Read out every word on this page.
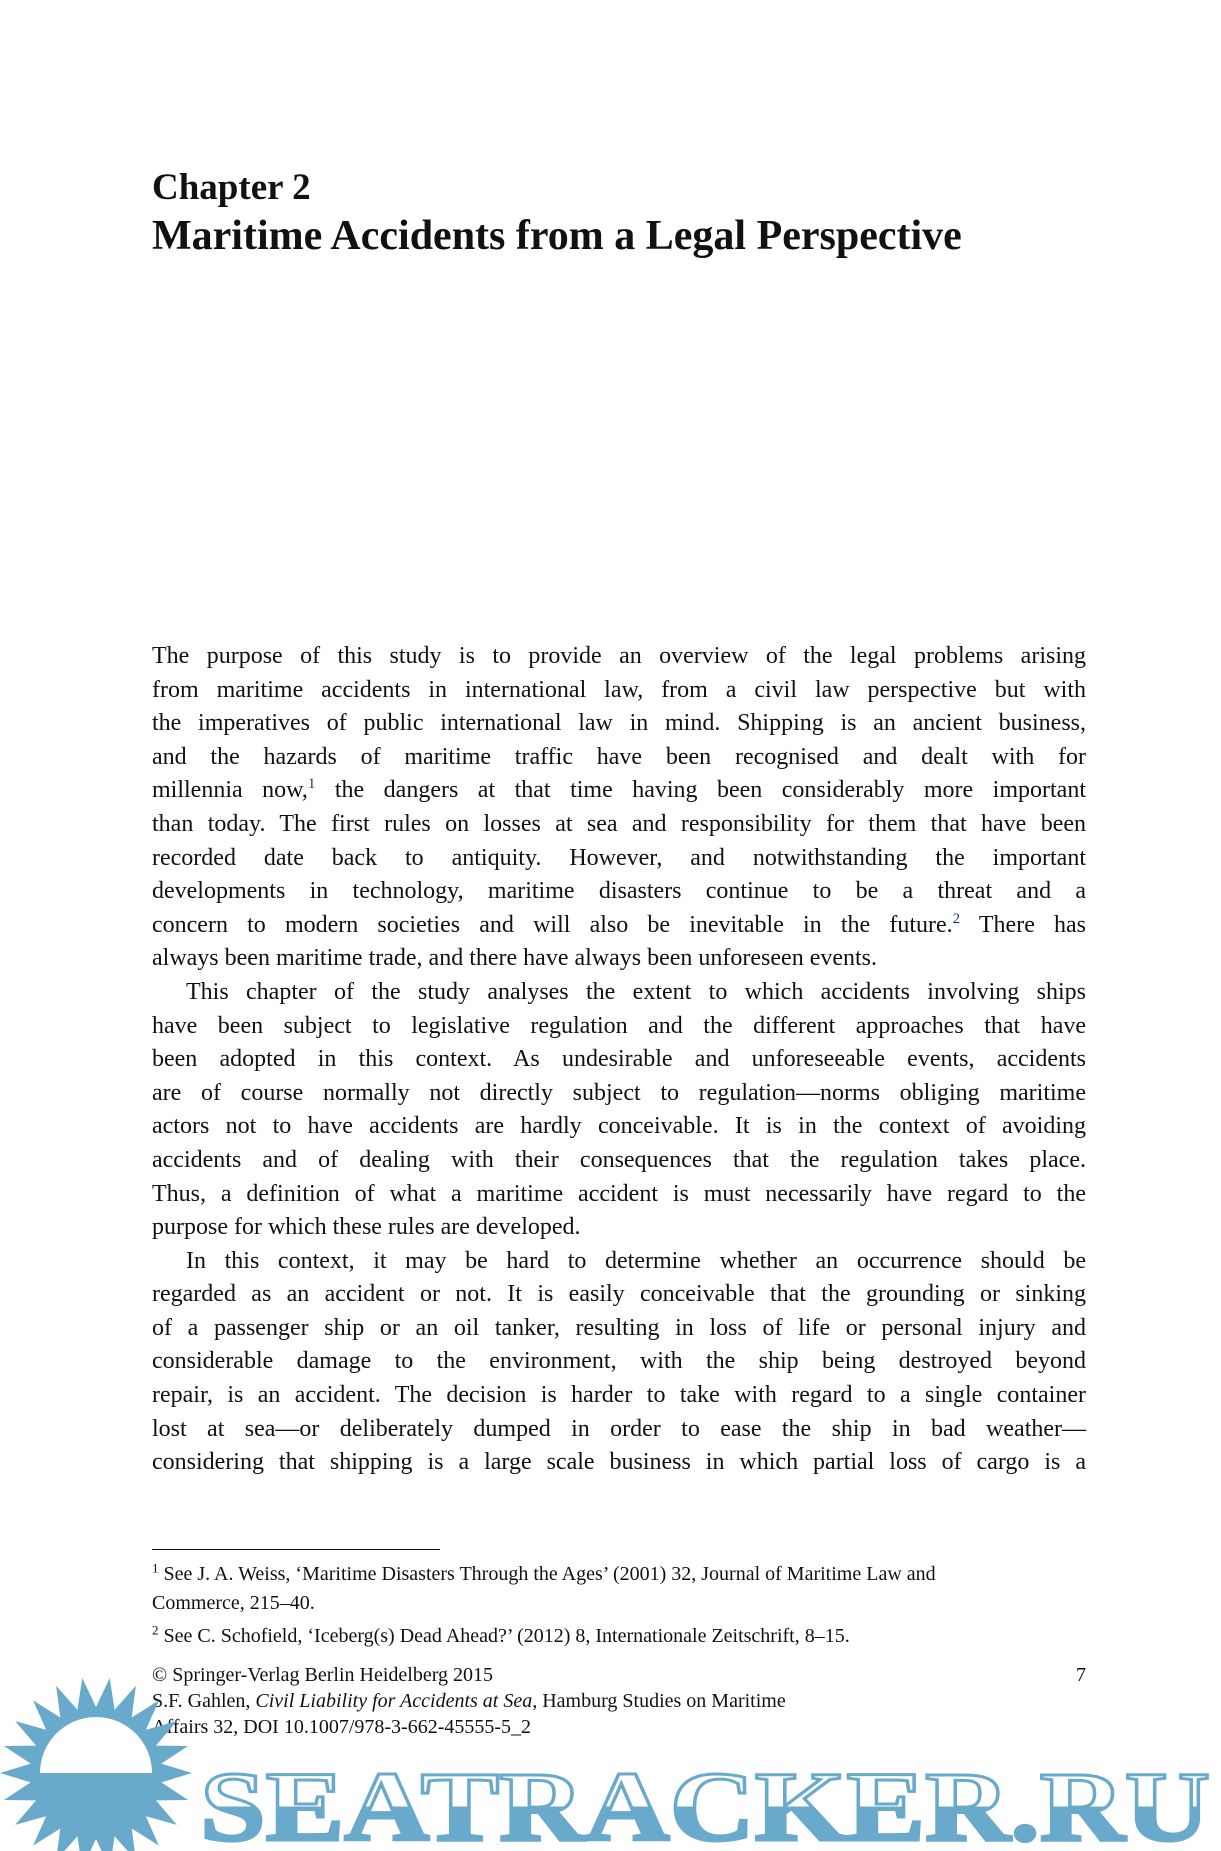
Chapter 2
Maritime Accidents from a Legal Perspective
The purpose of this study is to provide an overview of the legal problems arising
from maritime accidents in international law, from a civil law perspective but with
the imperatives of public international law in mind. Shipping is an ancient business,
and the hazards of maritime traffic have been recognised and dealt with for
millennia now,$^1$ the dangers at that time having been considerably more important
than today. The first rules on losses at sea and responsibility for them that have been
recorded date back to antiquity. However, and notwithstanding the important
developments in technology, maritime disasters continue to be a threat and a
concern to modern societies and will also be inevitable in the future.$^2$ There has
always been maritime trade, and there have always been unforeseen events.
This chapter of the study analyses the extent to which accidents involving ships
have been subject to legislative regulation and the different approaches that have
been adopted in this context. As undesirable and unforeseeable events, accidents
are of course normally not directly subject to regulation—norms obliging maritime
actors not to have accidents are hardly conceivable. It is in the context of avoiding
accidents and of dealing with their consequences that the regulation takes place.
Thus, a definition of what a maritime accident is must necessarily have regard to the
purpose for which these rules are developed.
In this context, it may be hard to determine whether an occurrence should be
regarded as an accident or not. It is easily conceivable that the grounding or sinking
of a passenger ship or an oil tanker, resulting in loss of life or personal injury and
considerable damage to the environment, with the ship being destroyed beyond
repair, is an accident. The decision is harder to take with regard to a single container
lost at sea—or deliberately dumped in order to ease the ship in bad weather—
considering that shipping is a large scale business in which partial loss of cargo is a
$^1$ See J. A. Weiss, ‘Maritime Disasters Through the Ages’ (2001) 32, Journal of Maritime Law and
Commerce, 215–40.
$^2$ See C. Schofield, ‘Iceberg(s) Dead Ahead?’ (2012) 8, Internationale Zeitschrift, 8–15.
© Springer-Verlag Berlin Heidelberg 2015	7
S.F. Gahlen, Civil Liability for Accidents at Sea, Hamburg Studies on Maritime
Affairs 32, DOI 10.1007/978-3-662-45555-5_2
SEATRACKER.RU
